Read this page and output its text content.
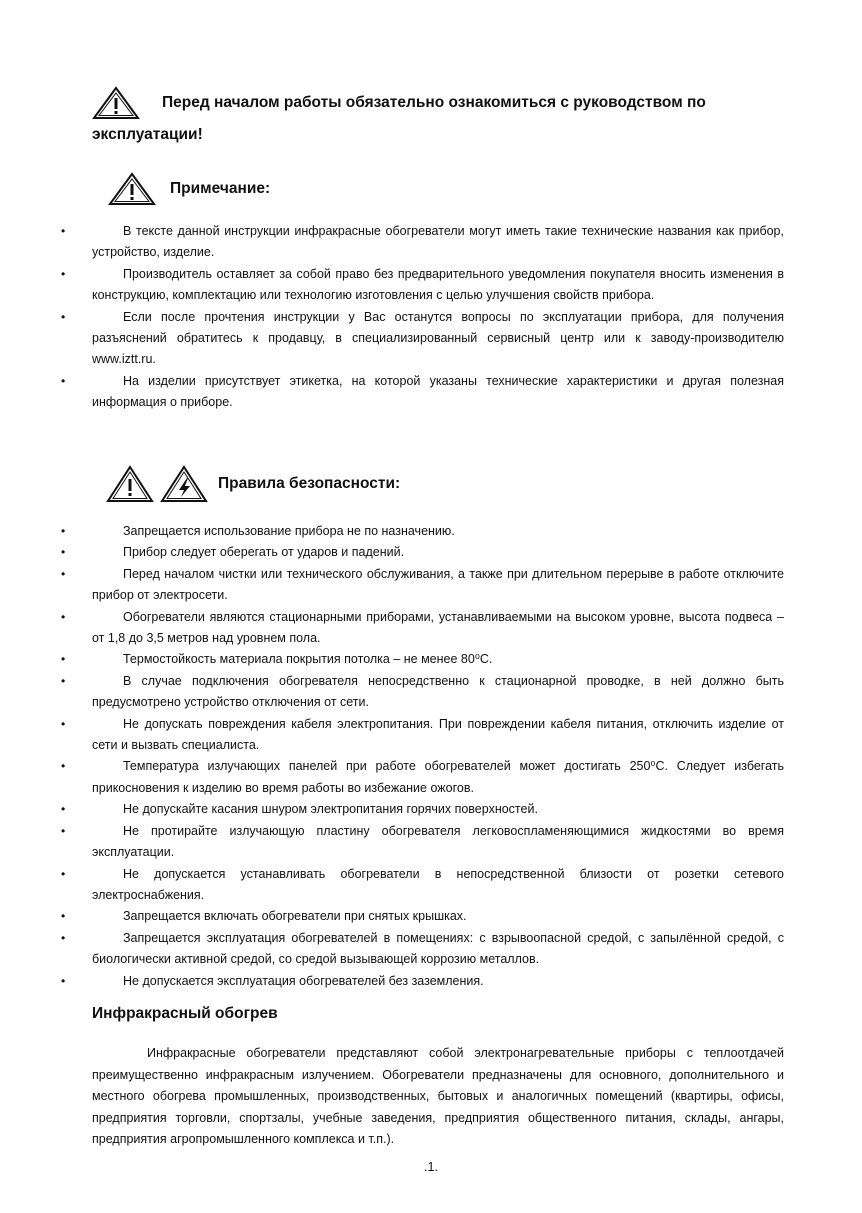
Перед началом работы обязательно ознакомиться с руководством по
эксплуатации!
Примечание:
• В тексте данной инструкции инфракрасные обогреватели могут иметь такие технические названия как прибор, устройство, изделие.
• Производитель оставляет за собой право без предварительного уведомления покупателя вносить изменения в конструкцию, комплектацию или технологию изготовления с целью улучшения свойств прибора.
• Если после прочтения инструкции у Вас останутся вопросы по эксплуатации прибора, для получения разъяснений обратитесь к продавцу, в специализированный сервисный центр или к заводу-производителю www.iztt.ru.
• На изделии присутствует этикетка, на которой указаны технические характеристики и другая полезная информация о приборе.
Правила безопасности:
• Запрещается использование прибора не по назначению.
• Прибор следует оберегать от ударов и падений.
• Перед началом чистки или технического обслуживания, а также при длительном перерыве в работе отключите прибор от электросети.
• Обогреватели являются стационарными приборами, устанавливаемыми на высоком уровне, высота подвеса – от 1,8 до 3,5 метров над уровнем пола.
• Термостойкость материала покрытия потолка – не менее 80⁰С.
• В случае подключения обогревателя непосредственно к стационарной проводке, в ней должно быть предусмотрено устройство отключения от сети.
• Не допускать повреждения кабеля электропитания. При повреждении кабеля питания, отключить изделие от сети и вызвать специалиста.
• Температура излучающих панелей при работе обогревателей может достигать 250⁰С. Следует избегать прикосновения к изделию во время работы во избежание ожогов.
• Не допускайте касания шнуром электропитания горячих поверхностей.
• Не протирайте излучающую пластину обогревателя легковоспламеняющимися жидкостями во время эксплуатации.
• Не допускается устанавливать обогреватели в непосредственной близости от розетки сетевого электроснабжения.
• Запрещается включать обогреватели при снятых крышках.
• Запрещается эксплуатация обогревателей в помещениях: с взрывоопасной средой, с запылённой средой, с биологически активной средой, со средой вызывающей коррозию металлов.
• Не допускается эксплуатация обогревателей без заземления.
Инфракрасный обогрев

Инфракрасные обогреватели представляют собой электронагревательные приборы с теплоотдачей преимущественно инфракрасным излучением. Обогреватели предназначены для основного, дополнительного и местного обогрева промышленных, производственных, бытовых и аналогичных помещений (квартиры, офисы, предприятия торговли, спортзалы, учебные заведения, предприятия общественного питания, склады, ангары, предприятия агропромышленного комплекса и т.п.).

.1.
